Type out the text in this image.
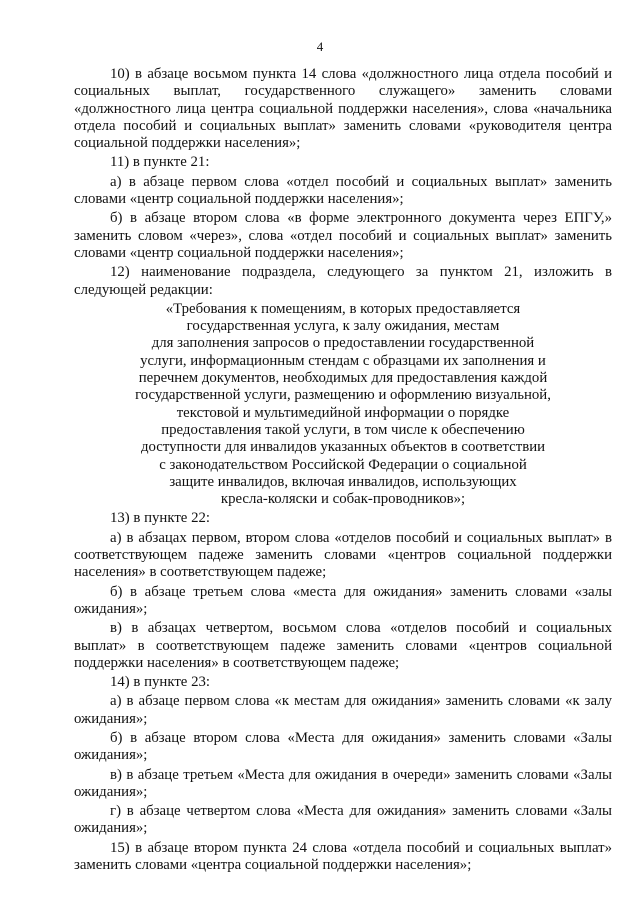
4

10) в абзаце восьмом пункта 14 слова «должностного лица отдела пособий и социальных выплат, государственного служащего» заменить словами «должностного лица центра социальной поддержки населения», слова «начальника отдела пособий и социальных выплат» заменить словами «руководителя центра социальной поддержки населения»;

11) в пункте 21:

а) в абзаце первом слова «отдел пособий и социальных выплат» заменить словами «центр социальной поддержки населения»;

б) в абзаце втором слова «в форме электронного документа через ЕПГУ,» заменить словом «через», слова «отдел пособий и социальных выплат» заменить словами «центр социальной поддержки населения»;

12) наименование подраздела, следующего за пунктом 21, изложить в следующей редакции:

«Требования к помещениям, в которых предоставляется
государственная услуга, к залу ожидания, местам
для заполнения запросов о предоставлении государственной
услуги, информационным стендам с образцами их заполнения и
перечнем документов, необходимых для предоставления каждой
государственной услуги, размещению и оформлению визуальной,
текстовой и мультимедийной информации о порядке
предоставления такой услуги, в том числе к обеспечению
доступности для инвалидов указанных объектов в соответствии
с законодательством Российской Федерации о социальной
защите инвалидов, включая инвалидов, использующих
кресла-коляски и собак-проводников»;

13) в пункте 22:

а) в абзацах первом, втором слова «отделов пособий и социальных выплат» в соответствующем падеже заменить словами «центров социальной поддержки населения» в соответствующем падеже;

б) в абзаце третьем слова «места для ожидания» заменить словами «залы ожидания»;

в) в абзацах четвертом, восьмом слова «отделов пособий и социальных выплат» в соответствующем падеже заменить словами «центров социальной поддержки населения» в соответствующем падеже;

14) в пункте 23:

а) в абзаце первом слова «к местам для ожидания» заменить словами «к залу ожидания»;

б) в абзаце втором слова «Места для ожидания» заменить словами «Залы ожидания»;

в) в абзаце третьем «Места для ожидания в очереди» заменить словами «Залы ожидания»;

г) в абзаце четвертом слова «Места для ожидания» заменить словами «Залы ожидания»;

15) в абзаце втором пункта 24 слова «отдела пособий и социальных выплат» заменить словами «центра социальной поддержки населения»;
